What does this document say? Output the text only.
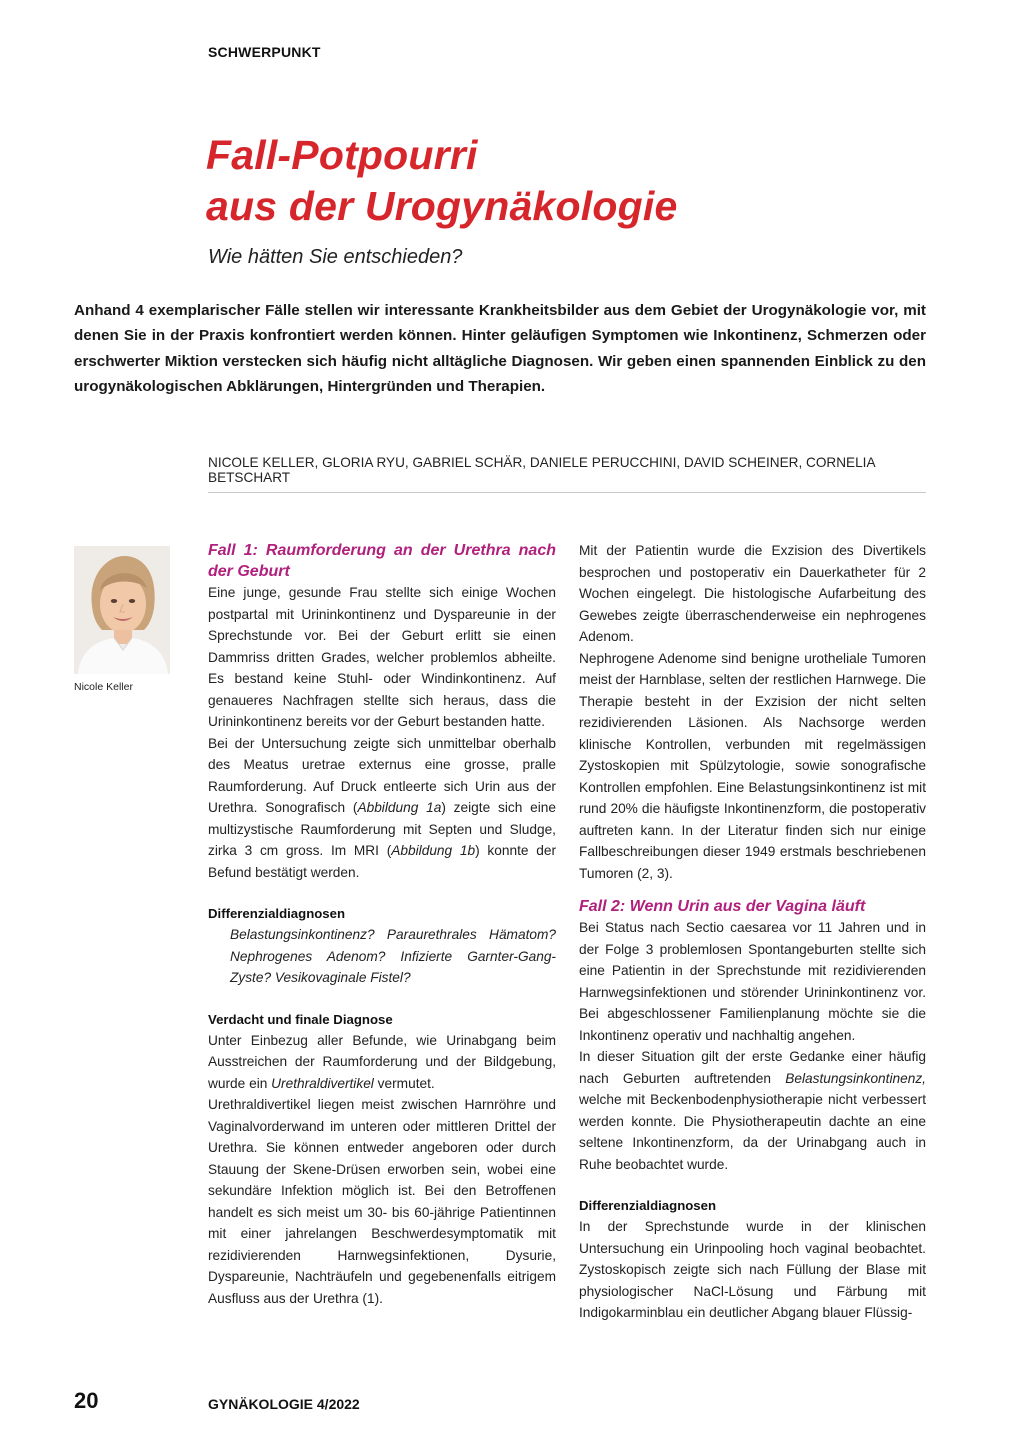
SCHWERPUNKT
Fall-Potpourri
aus der Urogynäkologie

Wie hätten Sie entschieden?

Anhand 4 exemplarischer Fälle stellen wir interessante Krankheitsbilder aus dem Gebiet der Urogynäkologie vor, mit denen Sie in der Praxis konfrontiert werden können. Hinter geläufigen Symptomen wie Inkontinenz, Schmerzen oder erschwerter Miktion verstecken sich häufig nicht alltägliche Diagnosen. Wir geben einen spannenden Einblick zu den urogynäkologischen Abklärungen, Hintergründen und Therapien.

NICOLE KELLER, GLORIA RYU, GABRIEL SCHÄR, DANIELE PERUCCHINI, DAVID SCHEINER, CORNELIA BETSCHART
Nicole Keller

Fall 1: Raumforderung an der Urethra nach der Geburt

Eine junge, gesunde Frau stellte sich einige Wochen postpartal mit Urininkontinenz und Dyspareunie in der Sprechstunde vor. Bei der Geburt erlitt sie einen Dammriss dritten Grades, welcher problemlos abheilte. Es bestand keine Stuhl- oder Windinkontinenz. Auf genaueres Nachfragen stellte sich heraus, dass die Urininkontinenz bereits vor der Geburt bestanden hatte.

Bei der Untersuchung zeigte sich unmittelbar oberhalb des Meatus uretrae externus eine grosse, pralle Raumforderung. Auf Druck entleerte sich Urin aus der Urethra. Sonografisch (Abbildung 1a) zeigte sich eine multizystische Raumforderung mit Septen und Sludge, zirka 3 cm gross. Im MRI (Abbildung 1b) konnte der Befund bestätigt werden.

Differenzialdiagnosen

Belastungsinkontinenz? Paraurethrales Hämatom? Nephrogenes Adenom? Infizierte Garnter-Gang-Zyste? Vesikovaginale Fistel?

Verdacht und finale Diagnose

Unter Einbezug aller Befunde, wie Urinabgang beim Ausstreichen der Raumforderung und der Bildgebung, wurde ein Urethraldivertikel vermutet.

Urethraldivertikel liegen meist zwischen Harnröhre und Vaginalvorderwand im unteren oder mittleren Drittel der Urethra. Sie können entweder angeboren oder durch Stauung der Skene-Drüsen erworben sein, wobei eine sekundäre Infektion möglich ist. Bei den Betroffenen handelt es sich meist um 30- bis 60-jährige Patientinnen mit einer jahrelangen Beschwerdesymptomatik mit rezidivierenden Harnwegsinfektionen, Dysurie, Dyspareunie, Nachträufeln und gegebenenfalls eitrigem Ausfluss aus der Urethra (1).

Mit der Patientin wurde die Exzision des Divertikels besprochen und postoperativ ein Dauerkatheter für 2 Wochen eingelegt. Die histologische Aufarbeitung des Gewebes zeigte überraschenderweise ein nephrogenes Adenom.

Nephrogene Adenome sind benigne urotheliale Tumoren meist der Harnblase, selten der restlichen Harnwege. Die Therapie besteht in der Exzision der nicht selten rezidivierenden Läsionen. Als Nachsorge werden klinische Kontrollen, verbunden mit regelmässigen Zystoskopien mit Spülzytologie, sowie sonografische Kontrollen empfohlen. Eine Belastungsinkontinenz ist mit rund 20% die häufigste Inkontinenzform, die postoperativ auftreten kann. In der Literatur finden sich nur einige Fallbeschreibungen dieser 1949 erstmals beschriebenen Tumoren (2, 3).

Fall 2: Wenn Urin aus der Vagina läuft

Bei Status nach Sectio caesarea vor 11 Jahren und in der Folge 3 problemlosen Spontangeburten stellte sich eine Patientin in der Sprechstunde mit rezidivierenden Harnwegsinfektionen und störender Urininkontinenz vor. Bei abgeschlossener Familienplanung möchte sie die Inkontinenz operativ und nachhaltig angehen.

In dieser Situation gilt der erste Gedanke einer häufig nach Geburten auftretenden Belastungsinkontinenz, welche mit Beckenbodenphysiotherapie nicht verbessert werden konnte. Die Physiotherapeutin dachte an eine seltene Inkontinenzform, da der Urinabgang auch in Ruhe beobachtet wurde.

Differenzialdiagnosen

In der Sprechstunde wurde in der klinischen Untersuchung ein Urinpooling hoch vaginal beobachtet. Zystoskopisch zeigte sich nach Füllung der Blase mit physiologischer NaCl-Lösung und Färbung mit Indigokarminblau ein deutlicher Abgang blauer Flüssig-

20	GYNÄKOLOGIE 4/2022
